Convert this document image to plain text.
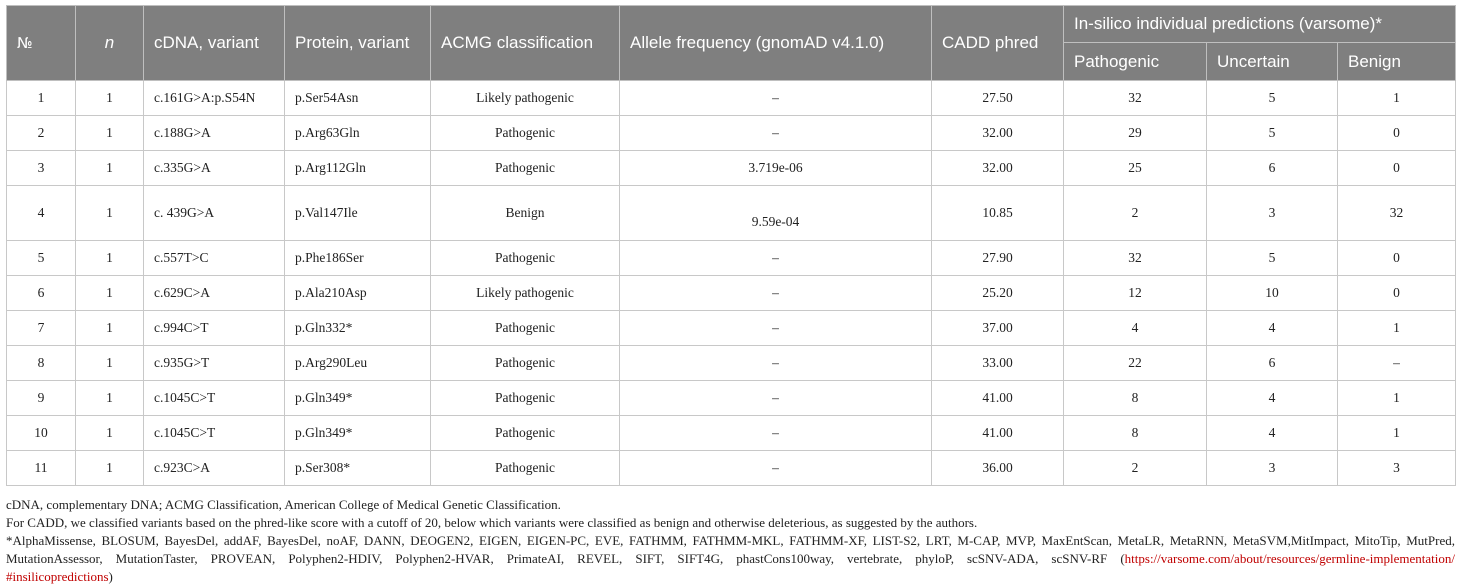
№	n	cDNA, variant	Protein, variant	ACMG classification	Allele frequency (gnomAD v4.1.0)	CADD phred	In-silico individual predictions (varsome)*		
							Pathogenic	Uncertain	Benign
1	1	c.161G>A:p.S54N	p.Ser54Asn	Likely pathogenic	–	27.50	32	5	1
2	1	c.188G>A	p.Arg63Gln	Pathogenic	–	32.00	29	5	0
3	1	c.335G>A	p.Arg112Gln	Pathogenic	3.719e-06	32.00	25	6	0
4	1	c. 439G>A	p.Val147Ile	Benign	9.59e-04	10.85	2	3	32
5	1	c.557T>C	p.Phe186Ser	Pathogenic	–	27.90	32	5	0
6	1	c.629C>A	p.Ala210Asp	Likely pathogenic	–	25.20	12	10	0
7	1	c.994C>T	p.Gln332*	Pathogenic	–	37.00	4	4	1
8	1	c.935G>T	p.Arg290Leu	Pathogenic	–	33.00	22	6	–
9	1	c.1045C>T	p.Gln349*	Pathogenic	–	41.00	8	4	1
10	1	c.1045C>T	p.Gln349*	Pathogenic	–	41.00	8	4	1
11	1	c.923C>A	p.Ser308*	Pathogenic	–	36.00	2	3	3

cDNA, complementary DNA; ACMG Classification, American College of Medical Genetic Classification.

For CADD, we classified variants based on the phred-like score with a cutoff of 20, below which variants were classified as benign and otherwise deleterious, as suggested by the authors.

*AlphaMissense, BLOSUM, BayesDel, addAF, BayesDel, noAF, DANN, DEOGEN2, EIGEN, EIGEN-PC, EVE, FATHMM, FATHMM-MKL, FATHMM-XF, LIST-S2, LRT, M-CAP, MVP, MaxEntScan, MetaLR, MetaRNN, MetaSVM,MitImpact, MitoTip, MutPred, MutationAssessor, MutationTaster, PROVEAN, Polyphen2-HDIV, Polyphen2-HVAR, PrimateAI, REVEL, SIFT, SIFT4G, phastCons100way, vertebrate, phyloP, scSNV-ADA, scSNV-RF (https://varsome.com/about/resources/germline-implementation/

#insilicopredictions)
